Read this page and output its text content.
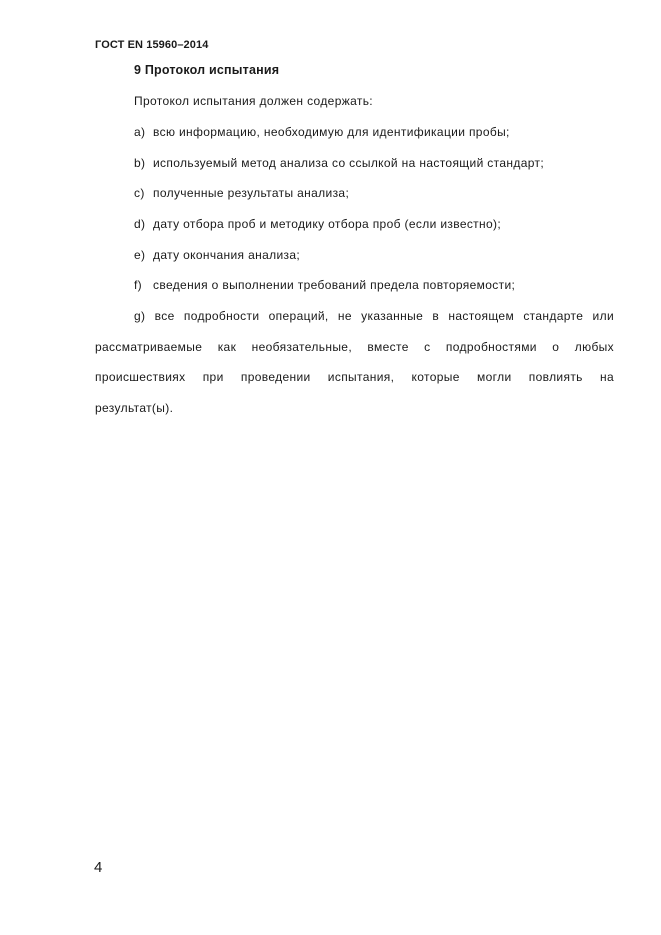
ГОСТ EN 15960–2014
9 Протокол испытания
Протокол испытания должен содержать:
а) всю информацию, необходимую для идентификации пробы;
b) используемый метод анализа со ссылкой на настоящий стандарт;
с) полученные результаты анализа;
d) дату отбора проб и методику отбора проб (если известно);
е) дату окончания анализа;
f) сведения о выполнении требований предела повторяемости;
g) все подробности операций, не указанные в настоящем стандарте или
рассматриваемые как необязательные, вместе с подробностями о любых
происшествиях при проведении испытания, которые могли повлиять на
результат(ы).
4
